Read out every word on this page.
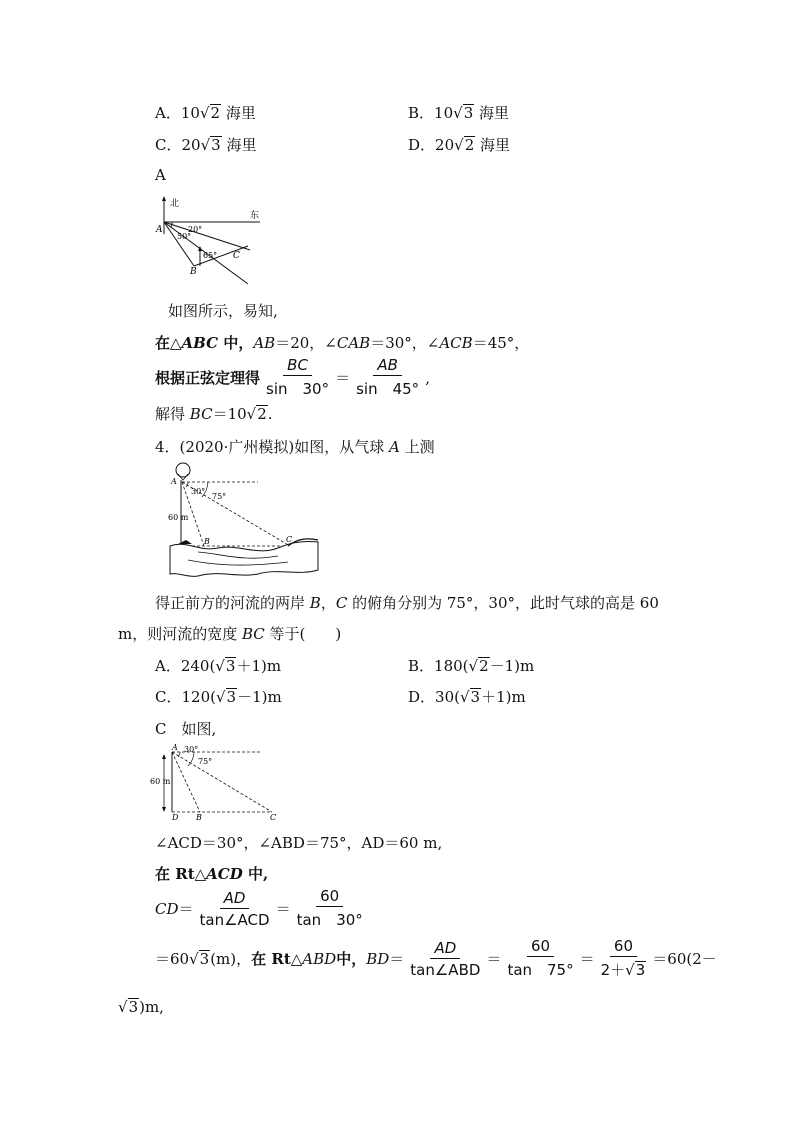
A．10√2 海里	B．10√3 海里
C．20√3 海里	D．20√2 海里
A
北
东
A	20°
50°
65°
B
C
如图所示，易知,
在△ABC 中，AB＝20，∠CAB＝30°，∠ACB＝45°，
根据正弦定理得 $\frac{BC}{\sin 30^\circ} = \frac{AB}{\sin 45^\circ}$ ,
解得 BC＝10√2.
4．(2020·广州模拟)如图，从气球 A 上测
A
30°
75°
60 m
B	C
得正前方的河流的两岸 B，C 的俯角分别为 75°，30°，此时气球的高是 60
m，则河流的宽度 BC 等于(　　)
A．240(√3＋1)m	B．180(√2－1)m
C．120(√3－1)m	D．30(√3＋1)m
C　如图,
A 30°
75°
60 m
D B	C
∠ACD＝30°，∠ABD＝75°，AD＝60 m,
在 Rt△ACD 中,
CD ＝ $\frac{AD}{\text{tan∠ACD}} = \frac{60}{\tan 30^\circ}$
＝60 √3 (m)， 在 Rt△ ABD 中， BD ＝ $\frac{AD}{\text{tan∠ABD}} = \frac{60}{\tan 75^\circ} = \frac{60}{2+√3} =60(2-$
√3)m,
